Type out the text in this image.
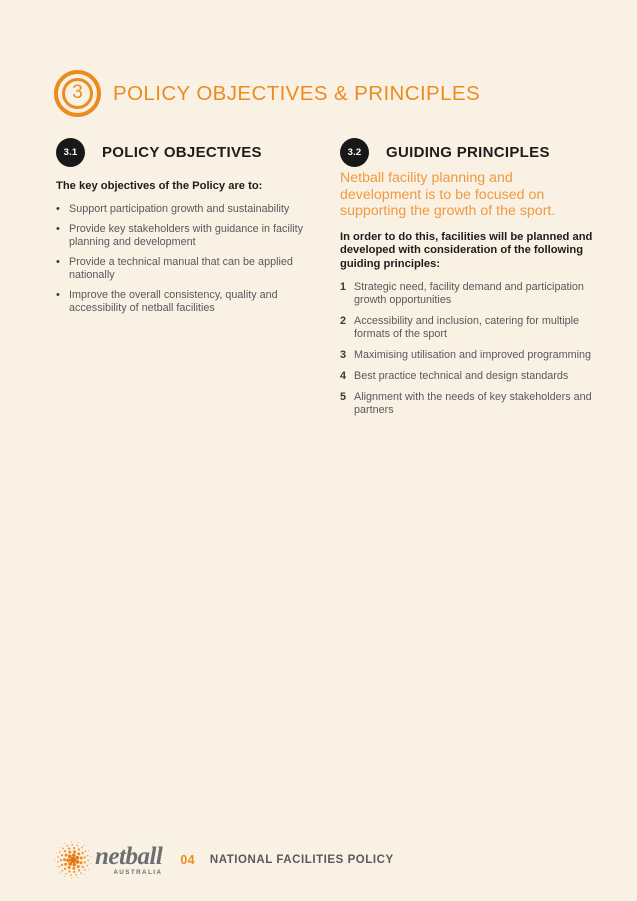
3 POLICY OBJECTIVES & PRINCIPLES
3.1	POLICY OBJECTIVES

The key objectives of the Policy are to:

• Support participation growth and sustainability
• Provide key stakeholders with guidance in facility planning and development
• Provide a technical manual that can be applied nationally
• Improve the overall consistency, quality and accessibility of netball facilities
3.2	GUIDING PRINCIPLES

Netball facility planning and development is to be focused on supporting the growth of the sport.

In order to do this, facilities will be planned and developed with consideration of the following guiding principles:

1 Strategic need, facility demand and participation growth opportunities
2 Accessibility and inclusion, catering for multiple formats of the sport
3 Maximising utilisation and improved programming
4 Best practice technical and design standards
5 Alignment with the needs of key stakeholders and partners
netball
AUSTRALIA
04 NATIONAL FACILITIES POLICY
